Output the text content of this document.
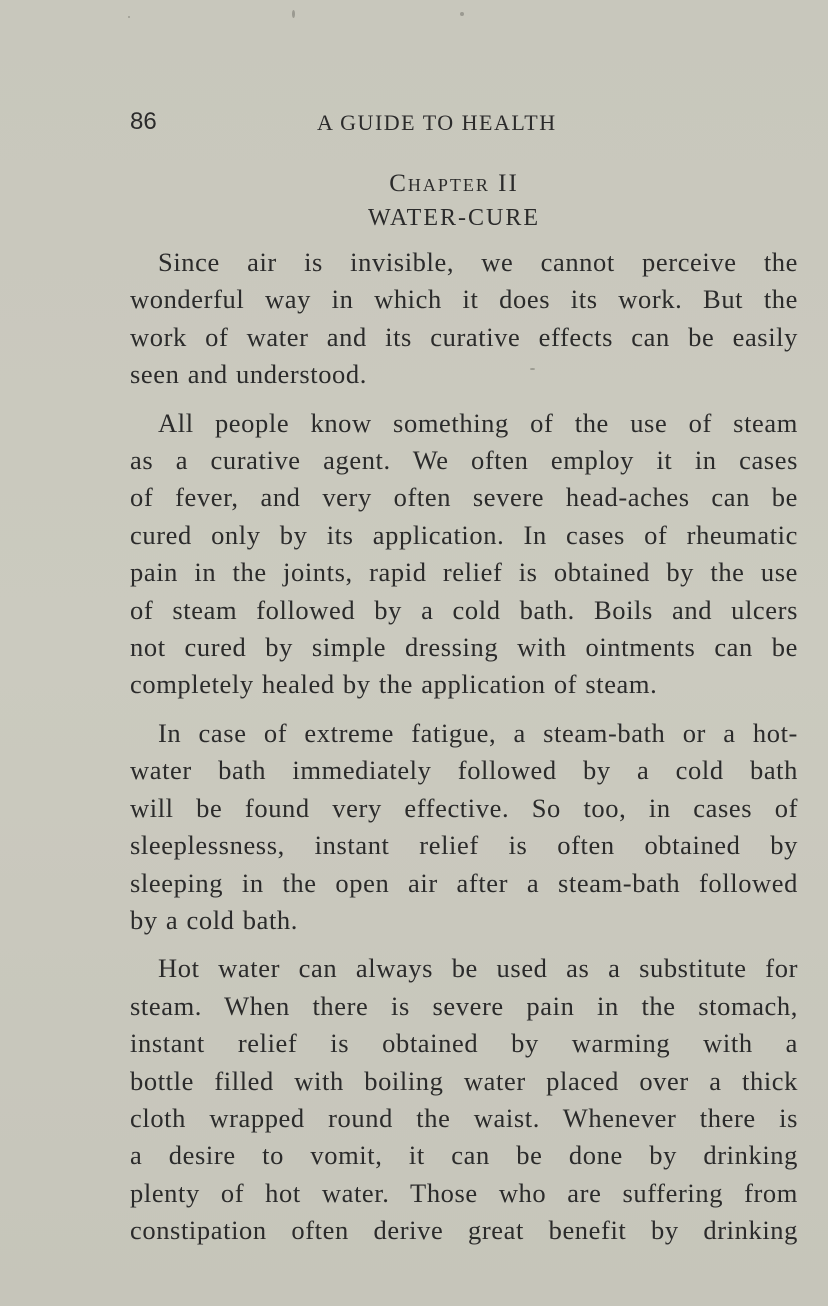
86	A GUIDE TO HEALTH
Chapter II
WATER-CURE

Since air is invisible, we cannot perceive the
wonderful way in which it does its work. But the
work of water and its curative effects can be easily
seen and understood.

All people know something of the use of steam
as a curative agent. We often employ it in cases
of fever, and very often severe head-aches can be
cured only by its application. In cases of rheumatic
pain in the joints, rapid relief is obtained by the use
of steam followed by a cold bath. Boils and ulcers
not cured by simple dressing with ointments can be
completely healed by the application of steam.

In case of extreme fatigue, a steam-bath or a hot-
water bath immediately followed by a cold bath
will be found very effective. So too, in cases of
sleeplessness, instant relief is often obtained by
sleeping in the open air after a steam-bath followed
by a cold bath.

Hot water can always be used as a substitute for
steam. When there is severe pain in the stomach,
instant relief is obtained by warming with a
bottle filled with boiling water placed over a thick
cloth wrapped round the waist. Whenever there is
a desire to vomit, it can be done by drinking
plenty of hot water. Those who are suffering from
constipation often derive great benefit by drinking
